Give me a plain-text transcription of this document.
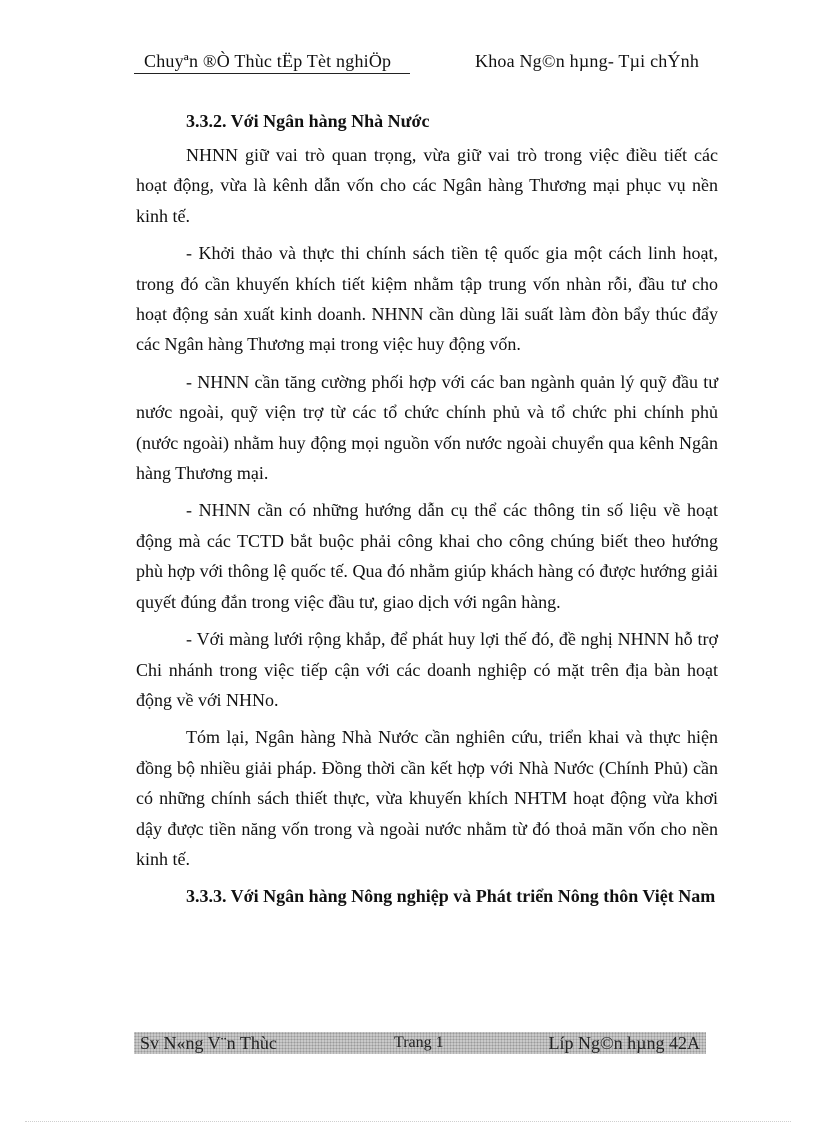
Chuyªn ®Ò Thùc tËp Tèt nghiÖp	Khoa Ng©n hµng- Tµi chÝnh
3.3.2. Với Ngân hàng Nhà Nước

NHNN giữ vai trò quan trọng, vừa giữ vai trò trong việc điều tiết các hoạt động, vừa là kênh dẫn vốn cho các Ngân hàng Thương mại phục vụ nền kinh tế.

- Khởi thảo và thực thi chính sách tiền tệ quốc gia một cách linh hoạt, trong đó cần khuyến khích tiết kiệm nhằm tập trung vốn nhàn rỗi, đầu tư cho hoạt động sản xuất kinh doanh. NHNN cần dùng lãi suất làm đòn bẩy thúc đẩy các Ngân hàng Thương mại trong việc huy động vốn.

- NHNN cần tăng cường phối hợp với các ban ngành quản lý quỹ đầu tư nước ngoài, quỹ viện trợ từ các tổ chức chính phủ và tổ chức phi chính phủ (nước ngoài) nhằm huy động mọi nguồn vốn nước ngoài chuyển qua kênh Ngân hàng Thương mại.

- NHNN cần có những hướng dẫn cụ thể các thông tin số liệu về hoạt động mà các TCTD bắt buộc phải công khai cho công chúng biết theo hướng phù hợp với thông lệ quốc tế. Qua đó nhằm giúp khách hàng có được hướng giải quyết đúng đắn trong việc đầu tư, giao dịch với ngân hàng.

- Với màng lưới rộng khắp, để phát huy lợi thế đó, đề nghị NHNN hỗ trợ Chi nhánh trong việc tiếp cận với các doanh nghiệp có mặt trên địa bàn hoạt động về với NHNo.

Tóm lại, Ngân hàng Nhà Nước cần nghiên cứu, triển khai và thực hiện đồng bộ nhiều giải pháp. Đồng thời cần kết hợp với Nhà Nước (Chính Phủ) cần có những chính sách thiết thực, vừa khuyến khích NHTM hoạt động vừa khơi dậy được tiền năng vốn trong và ngoài nước nhằm từ đó thoả mãn vốn cho nền kinh tế.

3.3.3. Với Ngân hàng Nông nghiệp và Phát triển Nông thôn Việt Nam
Sv N«ng V¨n Thùc	Trang 1	Líp Ng©n hµng 42A
